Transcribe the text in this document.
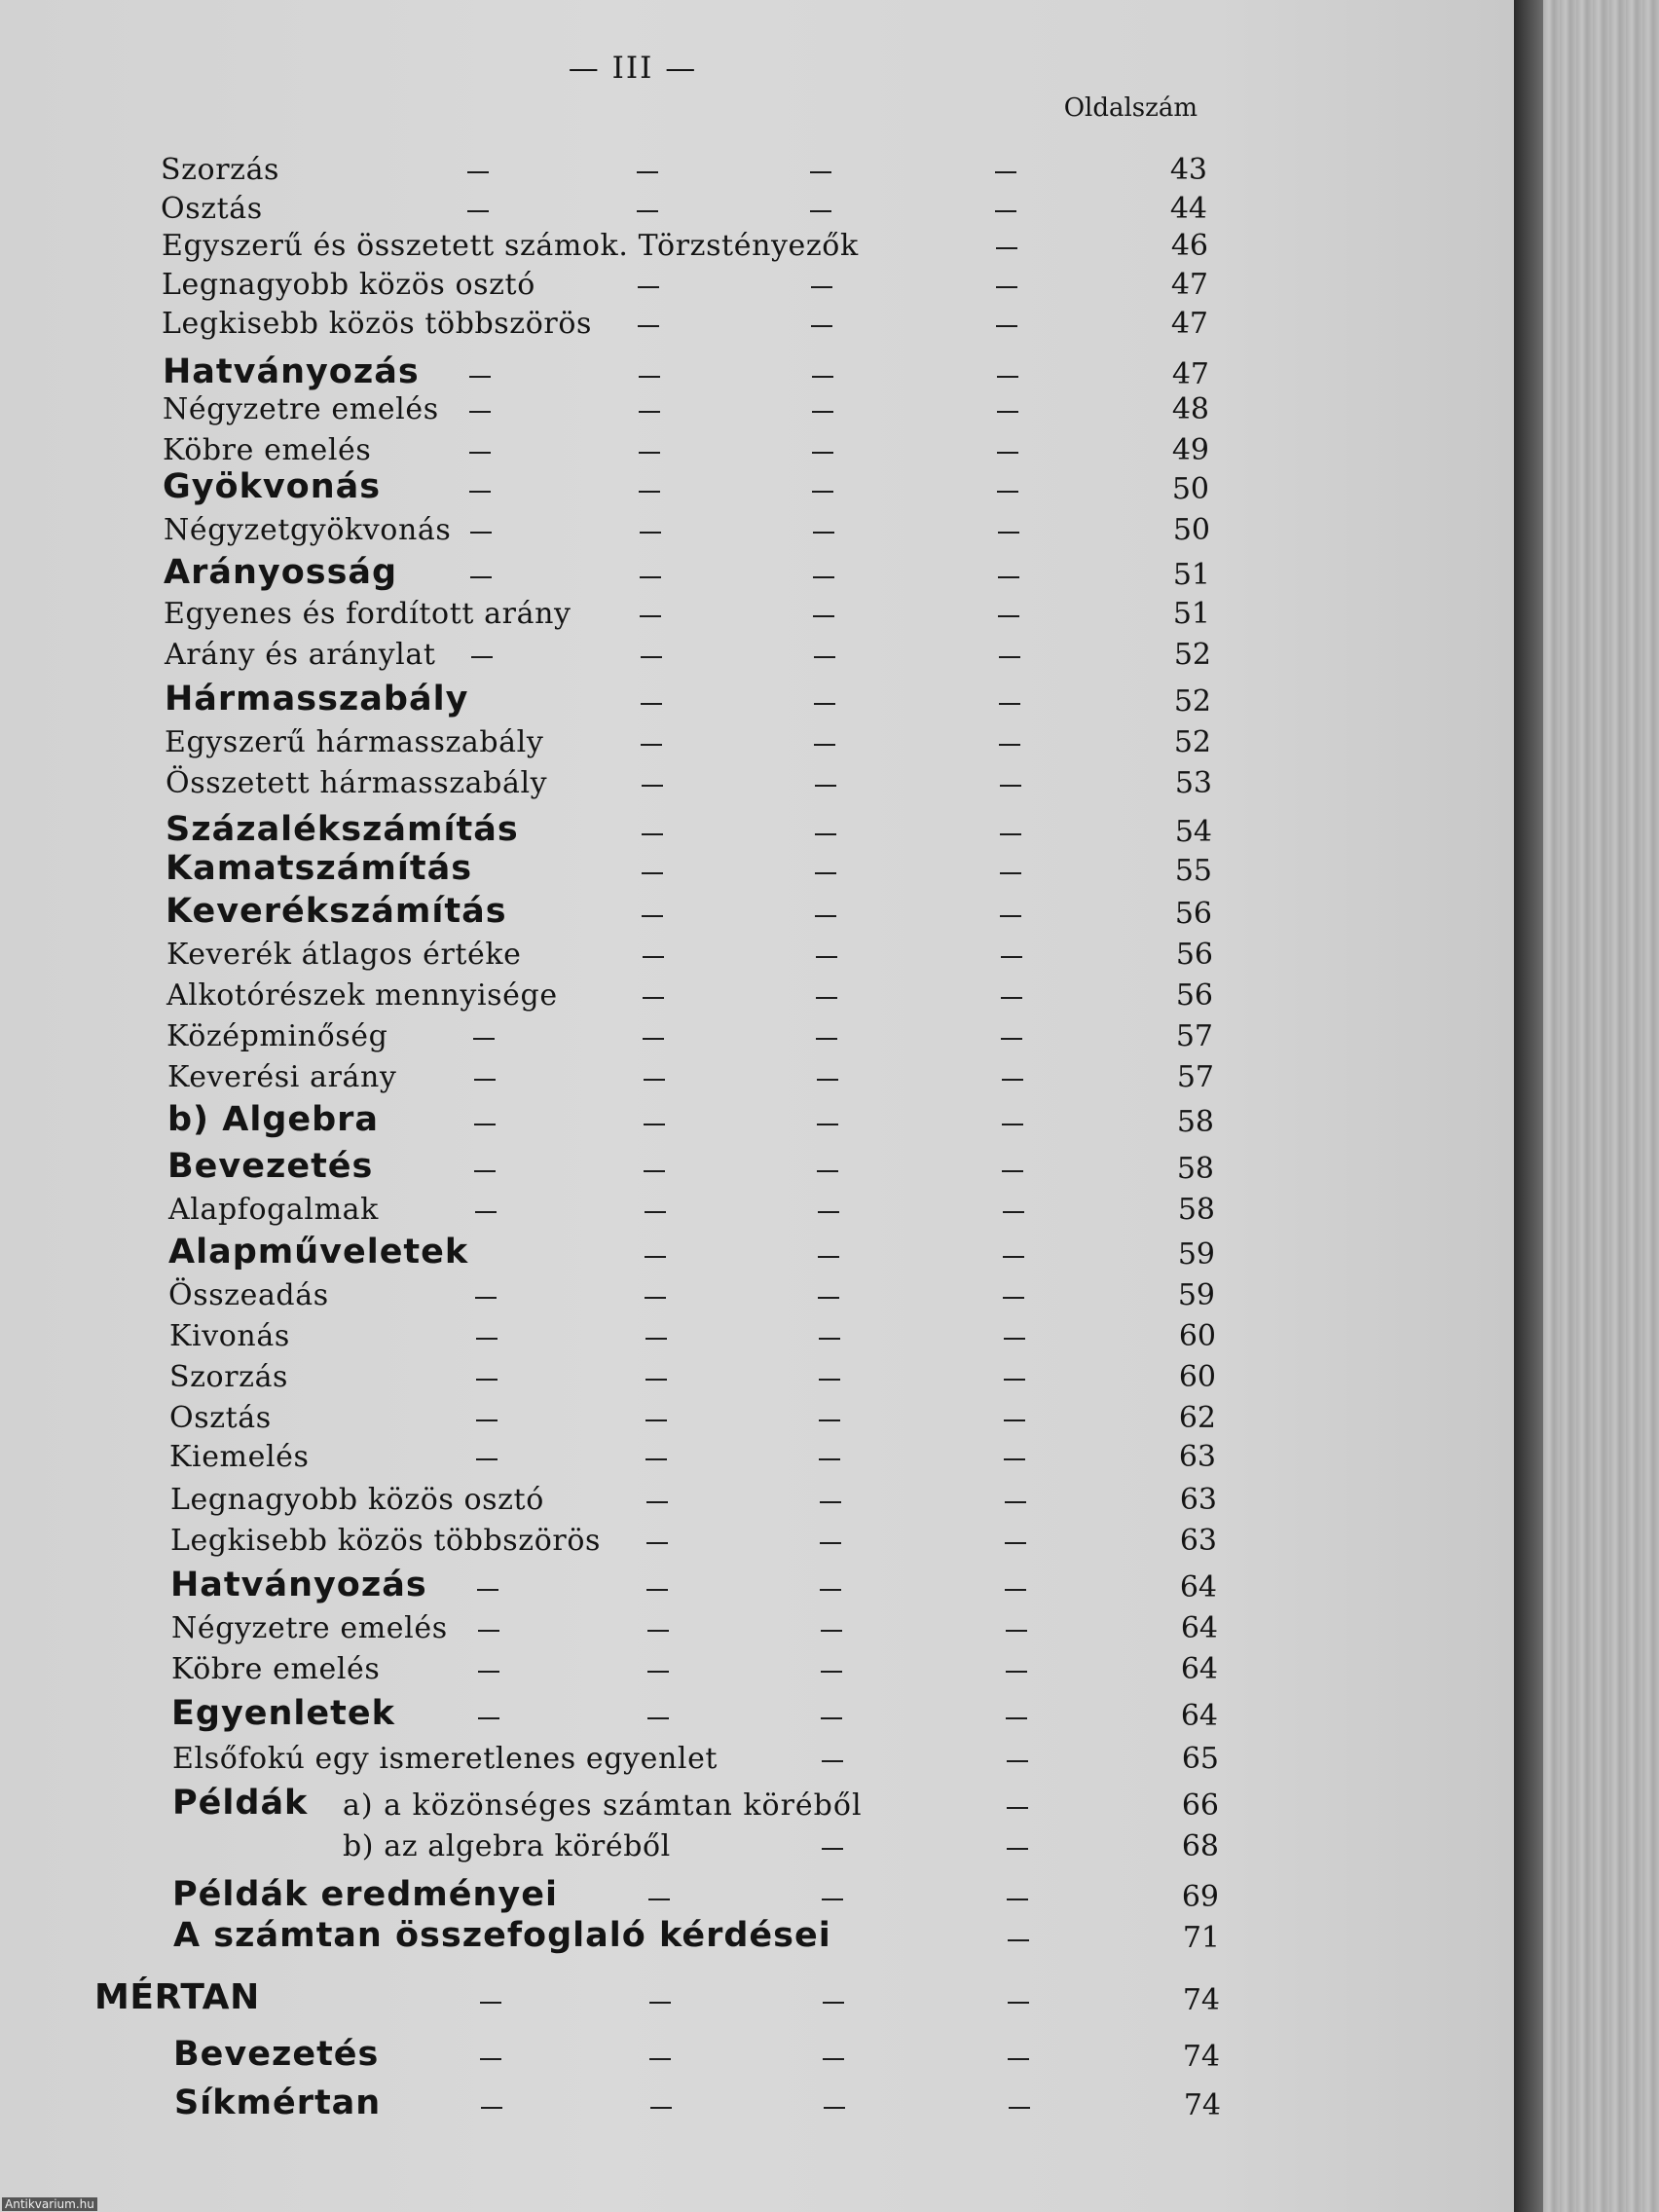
— III —
Oldalszám
Szorzás	43
Osztás	44
Egyszerű és összetett számok. Törzstényezők	46
Legnagyobb közös osztó	47
Legkisebb közös többszörös	47
Hatványozás	47
Négyzetre emelés	48
Köbre emelés	49
Gyökvonás	50
Négyzetgyökvonás	50
Arányosság	51
Egyenes és fordított arány	51
Arány és aránylat	52
Hármasszabály	52
Egyszerű hármasszabály	52
Összetett hármasszabály	53
Százalékszámítás	54
Kamatszámítás	55
Keverékszámítás	56
Keverék átlagos értéke	56
Alkotórészek mennyisége	56
Középminőség	57
Keverési arány	57
b) Algebra	58
Bevezetés	58
Alapfogalmak	58
Alapműveletek	59
Összeadás	59
Kivonás	60
Szorzás	60
Osztás	62
Kiemelés	63
Legnagyobb közös osztó	63
Legkisebb közös többszörös	63
Hatványozás	64
Négyzetre emelés	64
Köbre emelés	64
Egyenletek	64
Elsőfokú egy ismeretlenes egyenlet	65
Példák a) a közönséges számtan köréből	66
b) az algebra köréből	68
Példák eredményei	69
A számtan összefoglaló kérdései	71
MÉRTAN	74
Bevezetés	74
Síkmértan	74
Antikvarium.hu
